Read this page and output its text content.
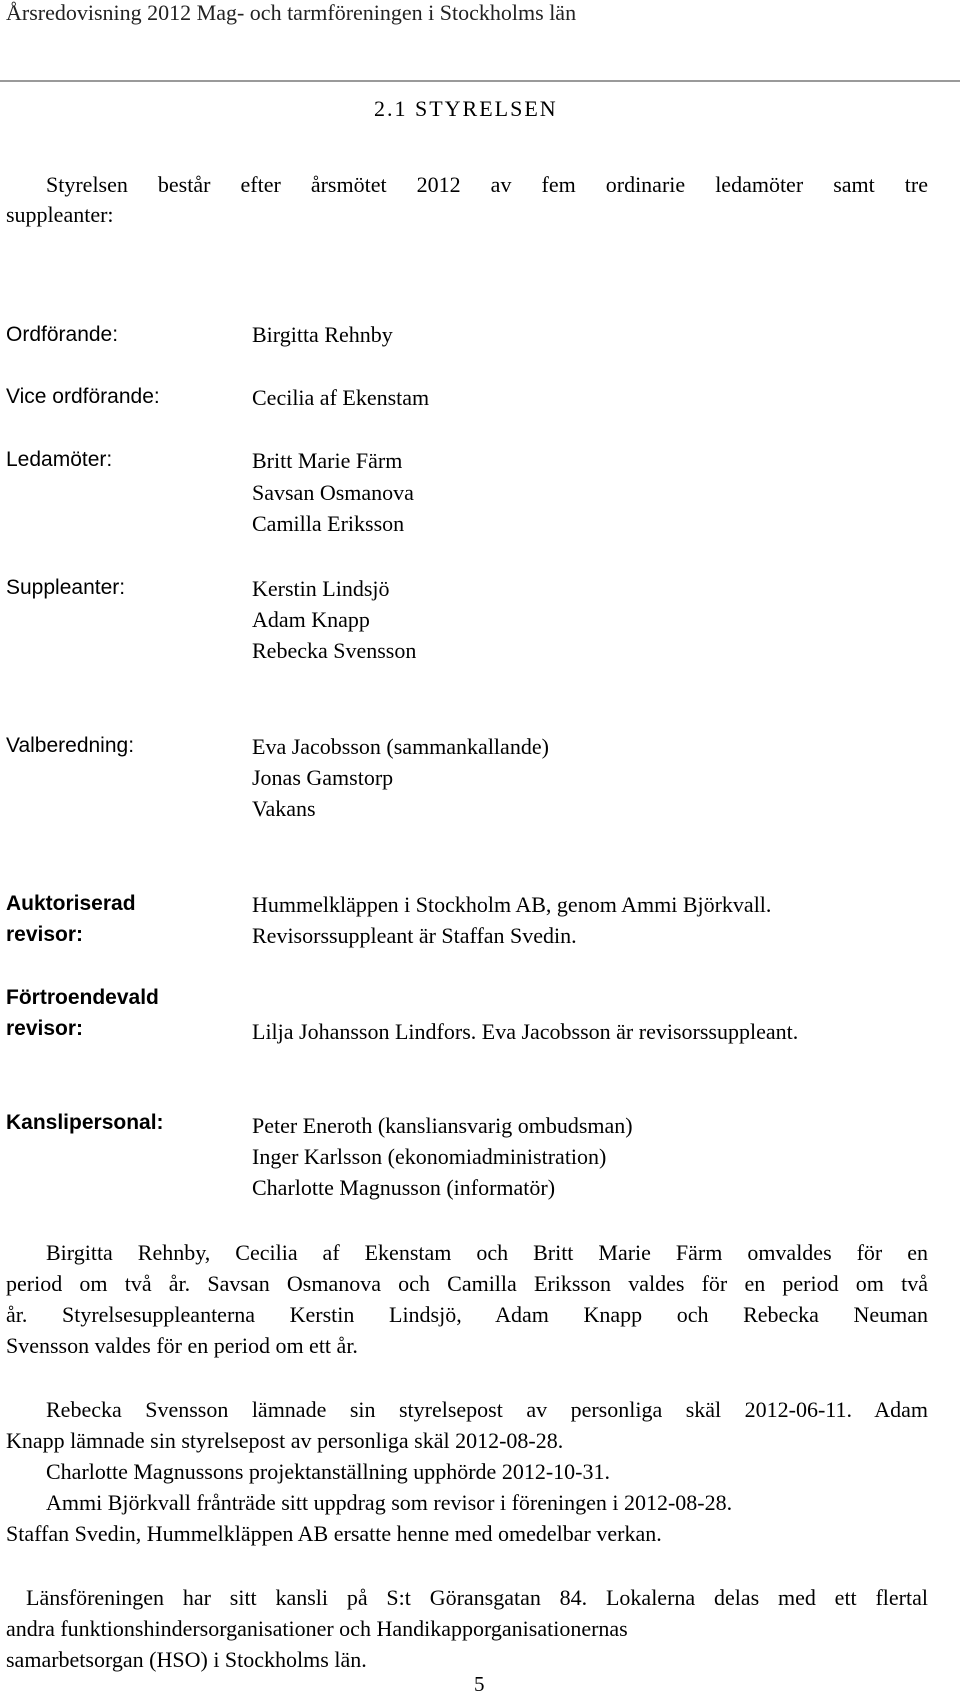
Årsredovisning 2012 Mag- och tarmföreningen i Stockholms län
2.1 STYRELSEN
Styrelsen består efter årsmötet 2012 av fem ordinarie ledamöter samt tre
suppleanter:
Ordförande:	Birgitta Rehnby
Vice ordförande:	Cecilia af Ekenstam
Ledamöter:	Britt Marie Färm
Savsan Osmanova
Camilla Eriksson
Suppleanter:	Kerstin Lindsjö
Adam Knapp
Rebecka Svensson
Valberedning:	Eva Jacobsson (sammankallande)
Jonas Gamstorp
Vakans
Auktoriserad
revisor:
Hummelkläppen i Stockholm AB, genom Ammi Björkvall.
Revisorssuppleant är Staffan Svedin.
Förtroendevald
revisor:	Lilja Johansson Lindfors. Eva Jacobsson är revisorssuppleant.
Kanslipersonal:	Peter Eneroth (kansliansvarig ombudsman)
Inger Karlsson (ekonomiadministration)
Charlotte Magnusson (informatör)
Birgitta Rehnby, Cecilia af Ekenstam och Britt Marie Färm omvaldes för en
period om två år. Savsan Osmanova och Camilla Eriksson valdes för en period om två
år. Styrelsesuppleanterna Kerstin Lindsjö, Adam Knapp och Rebecka Neuman
Svensson valdes för en period om ett år.
Rebecka Svensson lämnade sin styrelsepost av personliga skäl 2012-06-11. Adam
Knapp lämnade sin styrelsepost av personliga skäl 2012-08-28.
Charlotte Magnussons projektanställning upphörde 2012-10-31.
Ammi Björkvall frånträde sitt uppdrag som revisor i föreningen i 2012-08-28.
Staffan Svedin, Hummelkläppen AB ersatte henne med omedelbar verkan.
Länsföreningen har sitt kansli på S:t Göransgatan 84. Lokalerna delas med ett flertal
andra funktionshindersorganisationer och Handikapporganisationernas
samarbetsorgan (HSO) i Stockholms län.
5
